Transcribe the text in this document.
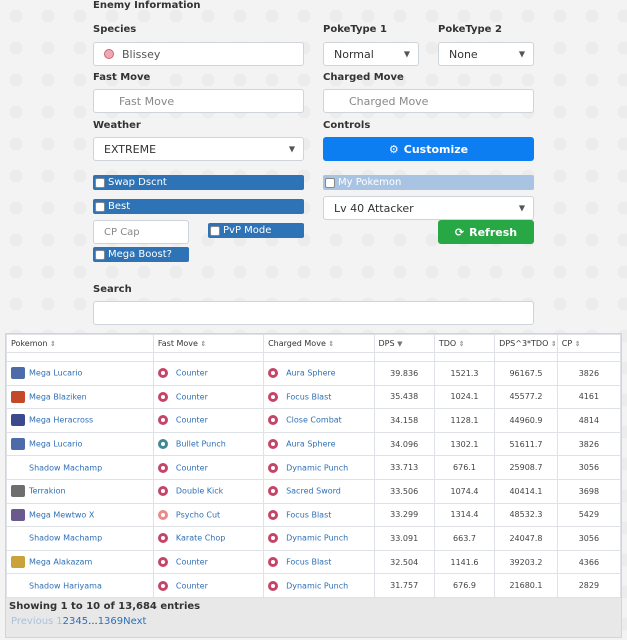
Enemy Information
Species
Blissey
PokeType 1
Normal	▼
PokeType 2
None	▼
Fast Move
Fast Move
Charged Move
Charged Move
Weather
EXTREME	▼
Controls
⚙ Customize
Swap Dscnt	My Pokemon
Best	Lv 40 Attacker	▼
CP Cap	PvP Mode	⟳ Refresh
Mega Boost?
Search
Pokemon ⇕	Fast Move ⇕	Charged Move ⇕	DPS ▼	TDO ⇕	DPS^3*TDO ⇕	CP ⇕

Mega Lucario	Counter	Aura Sphere	39.836	1521.3	96167.5	3826
Mega Blaziken	Counter	Focus Blast	35.438	1024.1	45577.2	4161
Mega Heracross	Counter	Close Combat	34.158	1128.1	44960.9	4814
Mega Lucario	Bullet Punch	Aura Sphere	34.096	1302.1	51611.7	3826
Shadow Machamp	Counter	Dynamic Punch	33.713	676.1	25908.7	3056
Terrakion	Double Kick	Sacred Sword	33.506	1074.4	40414.1	3698
Mega Mewtwo X	Psycho Cut	Focus Blast	33.299	1314.4	48532.3	5429
Shadow Machamp	Karate Chop	Dynamic Punch	33.091	663.7	24047.8	3056
Mega Alakazam	Counter	Focus Blast	32.504	1141.6	39203.2	4366
Shadow Hariyama	Counter	Dynamic Punch	31.757	676.9	21680.1	2829
Showing 1 to 10 of 13,684 entries
Previous 1 2 3 4 5 ... 1369 Next
